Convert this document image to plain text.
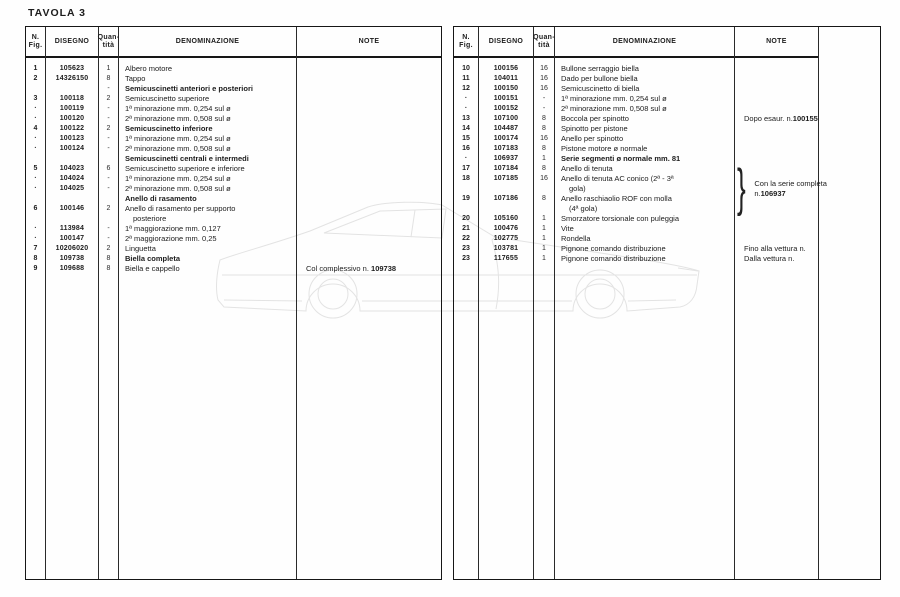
TAVOLA 3
N.
Fig.
1
2
3
·
·
4
·
·
5
·
·
6
·
·
7
8
9
DISEGNO
105623
14326150
100118
100119
100120
100122
100123
100124
104023
104024
104025
100146
113984
100147
10206020
109738
109688
Quan-
tità
1
8
-
2
-
-
2
-
-
6
-
-
2
-
-
2
8
8
DENOMINAZIONE
Albero motore
Tappo
Semicuscinetti anteriori e posteriori
Semicuscinetto superiore
1ª minorazione mm. 0,254 sul ø
2ª minorazione mm. 0,508 sul ø
Semicuscinetto inferiore
1ª minorazione mm. 0,254 sul ø
2ª minorazione mm. 0,508 sul ø
Semicuscinetti centrali e intermedi
Semicuscinetto superiore e inferiore
1ª minorazione mm. 0,254 sul ø
2ª minorazione mm. 0,508 sul ø
Anello di rasamento
Anello di rasamento per supporto
posteriore
1ª maggiorazione mm. 0,127
2ª maggiorazione mm. 0,25
Linguetta
Biella completa
Biella e cappello
NOTE
Col complessivo n. 109738
N.
Fig.
10
11
12
·
·
13
14
15
16
·
17
18
19
20
21
22
23
23
DISEGNO
100156
104011
100150
100151
100152
107100
104487
100174
107183
106937
107184
107185
107186
105160
100476
102775
103781
117655
Quan-
tità
16
16
16
-
-
8
8
16
8
1
8
16
8
1
1
1
1
1
DENOMINAZIONE
Bullone serraggio biella
Dado per bullone biella
Semicuscinetto di biella
1ª minorazione mm. 0,254 sul ø
2ª minorazione mm. 0,508 sul ø
Boccola per spinotto
Spinotto per pistone
Anello per spinotto
Pistone motore ø normale
Serie segmenti ø normale mm. 81
Anello di tenuta
Anello di tenuta AC conico (2ª - 3ª
gola)
Anello raschiaolio ROF con molla
(4ª gola)
Smorzatore torsionale con puleggia
Vite
Rondella
Pignone comando distribuzione
Pignone comando distribuzione
NOTE
Dopo esaur. n.100155
Fino alla vettura n.
Dalla vettura n.
} Con la serie completa
n.106937
